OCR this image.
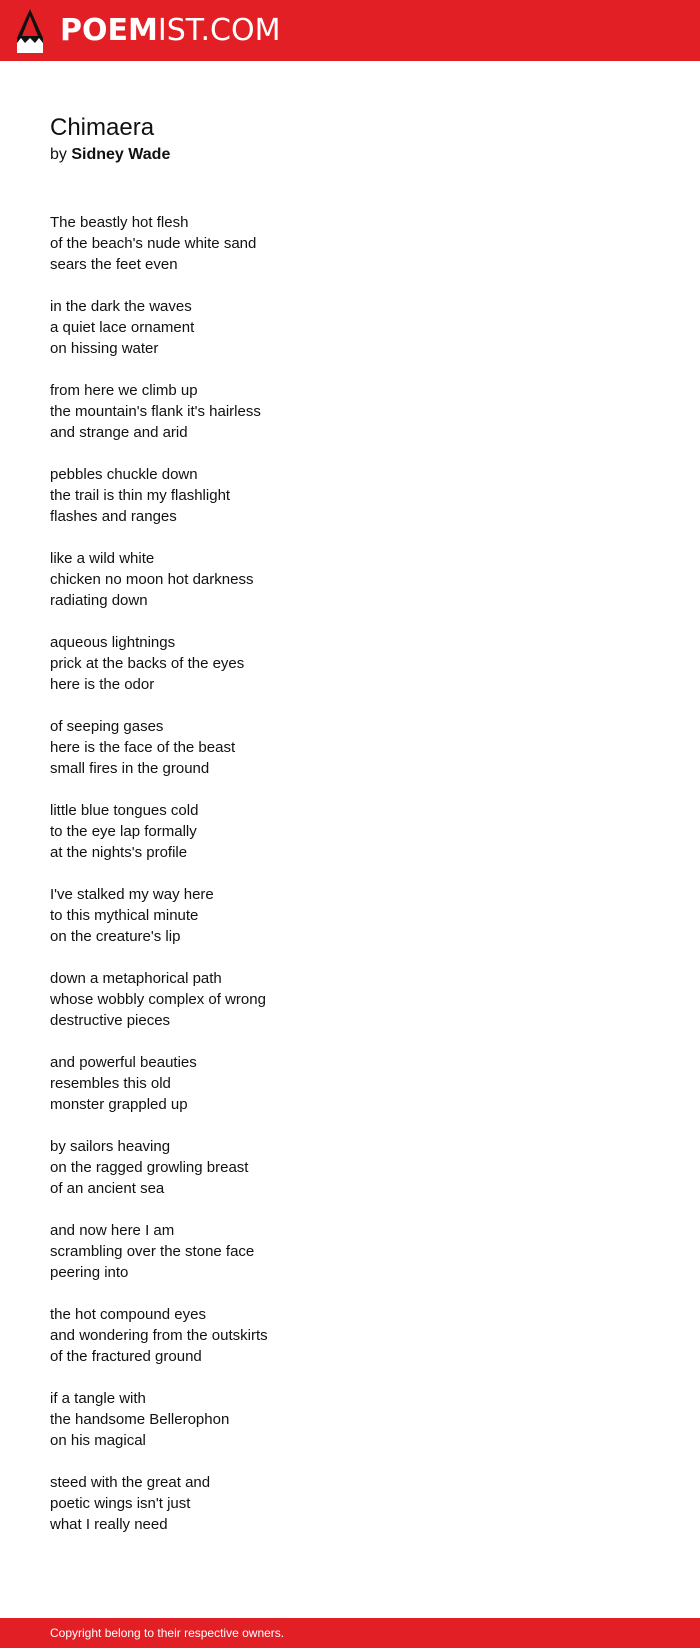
POEMIST.COM
Chimaera
by Sidney Wade

The beastly hot flesh
of the beach's nude white sand
sears the feet even

in the dark the waves
a quiet lace ornament
on hissing water

from here we climb up
the mountain's flank it's hairless
and strange and arid

pebbles chuckle down
the trail is thin my flashlight
flashes and ranges

like a wild white
chicken no moon hot darkness
radiating down

aqueous lightnings
prick at the backs of the eyes
here is the odor

of seeping gases
here is the face of the beast
small fires in the ground

little blue tongues cold
to the eye lap formally
at the nights's profile

I've stalked my way here
to this mythical minute
on the creature's lip

down a metaphorical path
whose wobbly complex of wrong
destructive pieces

and powerful beauties
resembles this old
monster grappled up

by sailors heaving
on the ragged growling breast
of an ancient sea

and now here I am
scrambling over the stone face
peering into

the hot compound eyes
and wondering from the outskirts
of the fractured ground

if a tangle with
the handsome Bellerophon
on his magical

steed with the great and
poetic wings isn't just
what I really need

Copyright belong to their respective owners.
